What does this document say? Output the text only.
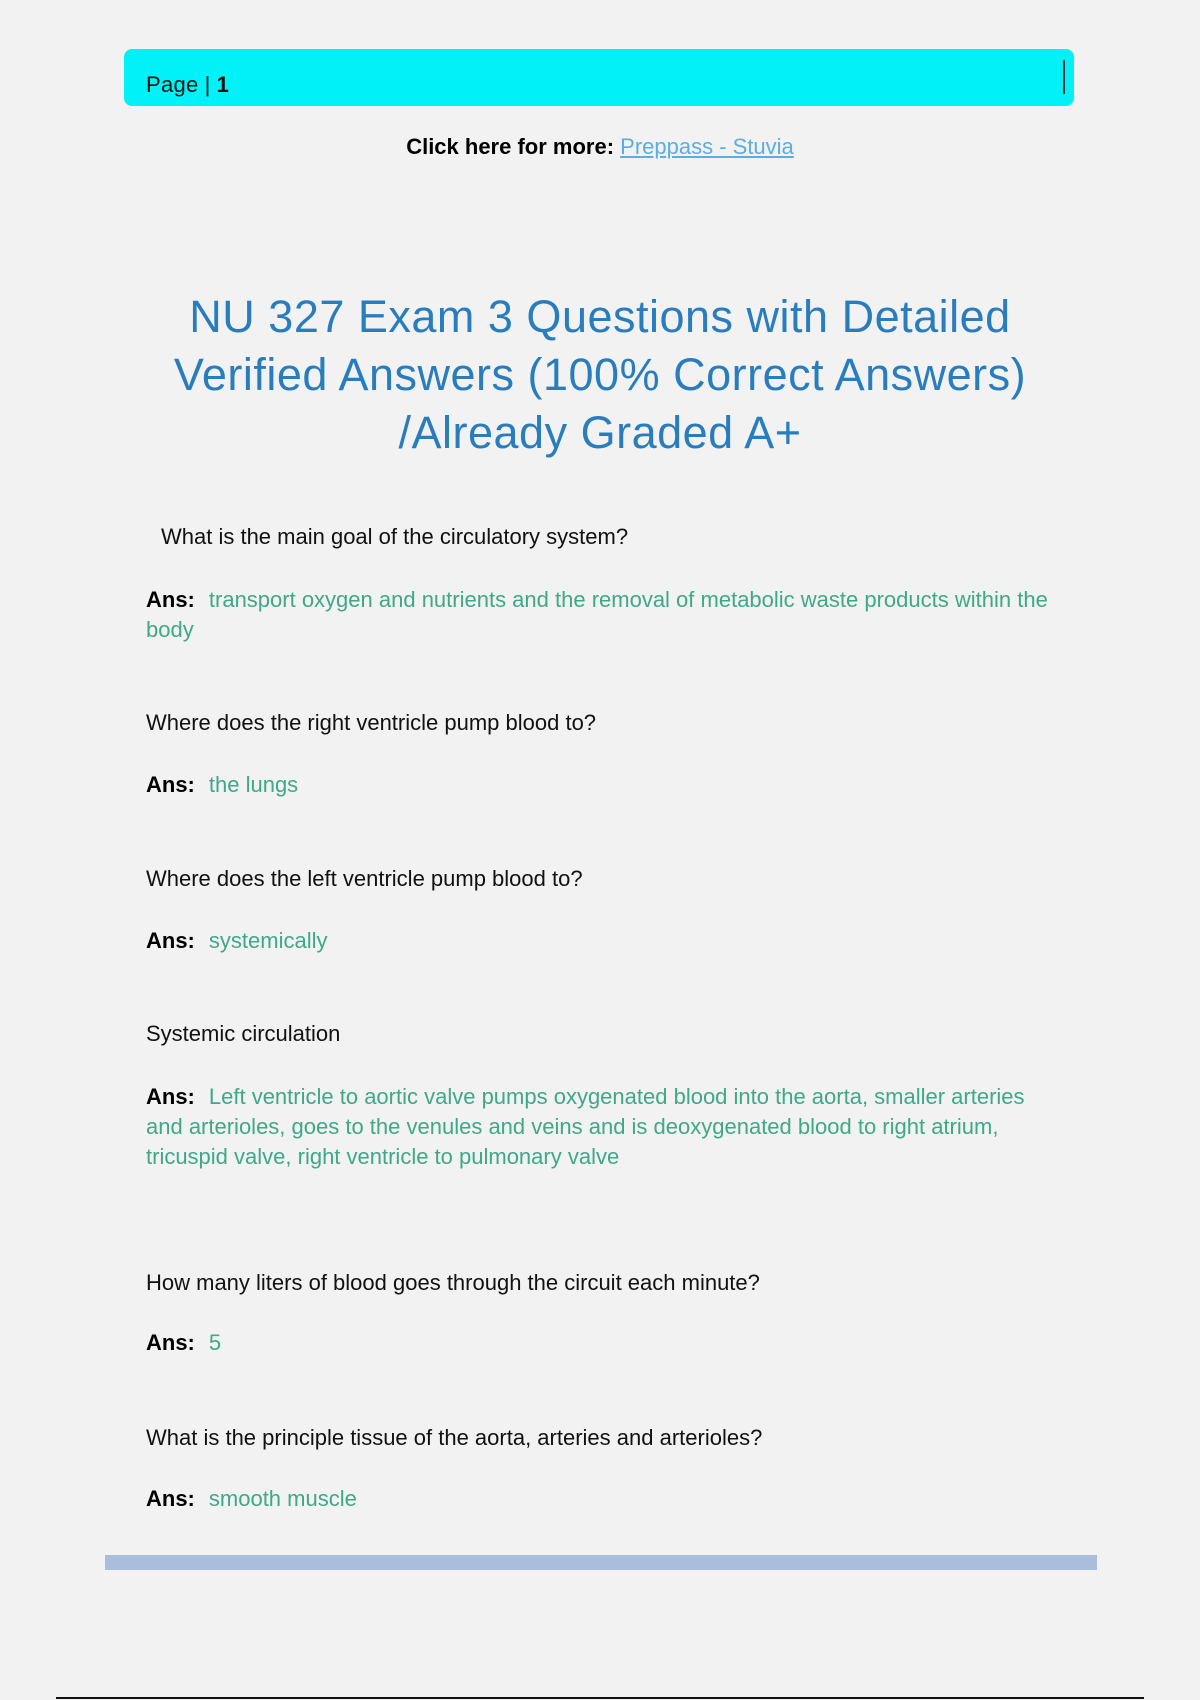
Page | 1
Click here for more: Preppass - Stuvia
NU 327 Exam 3 Questions with Detailed Verified Answers (100% Correct Answers) /Already Graded A+

What is the main goal of the circulatory system?

Ans: transport oxygen and nutrients and the removal of metabolic waste products within the body

Where does the right ventricle pump blood to?

Ans: the lungs

Where does the left ventricle pump blood to?

Ans: systemically

Systemic circulation

Ans: Left ventricle to aortic valve pumps oxygenated blood into the aorta, smaller arteries and arterioles, goes to the venules and veins and is deoxygenated blood to right atrium, tricuspid valve, right ventricle to pulmonary valve

How many liters of blood goes through the circuit each minute?

Ans: 5

What is the principle tissue of the aorta, arteries and arterioles?

Ans: smooth muscle
